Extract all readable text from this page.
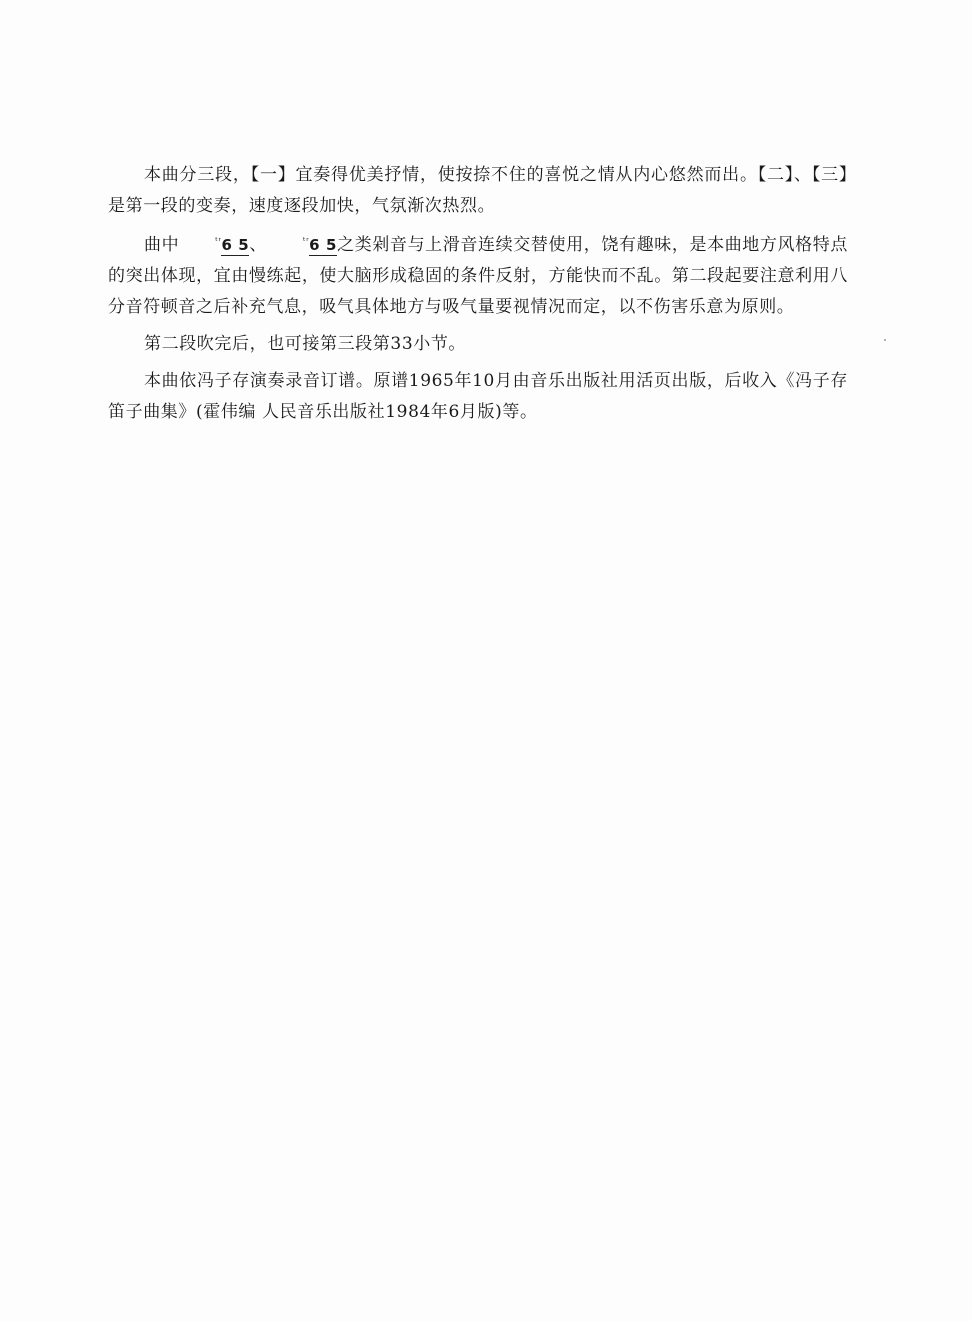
本曲分三段，【一】宜奏得优美抒情，使按捺不住的喜悦之情从内心悠然而出。【二】、【三】是第一段的变奏，速度逐段加快，气氛渐次热烈。

曲中	$^{ᵗʳ}$6 5、	$^{ᵗʳ}$6 5之类剁音与上滑音连续交替使用，饶有趣味，是本曲地方风格特点的突出体现，宜由慢练起，使大脑形成稳固的条件反射，方能快而不乱。第二段起要注意利用八分音符顿音之后补充气息，吸气具体地方与吸气量要视情况而定，以不伤害乐意为原则。

第二段吹完后，也可接第三段第33小节。

本曲依冯子存演奏录音订谱。原谱1965年10月由音乐出版社用活页出版，后收入《冯子存笛子曲集》(霍伟编 人民音乐出版社1984年6月版)等。
